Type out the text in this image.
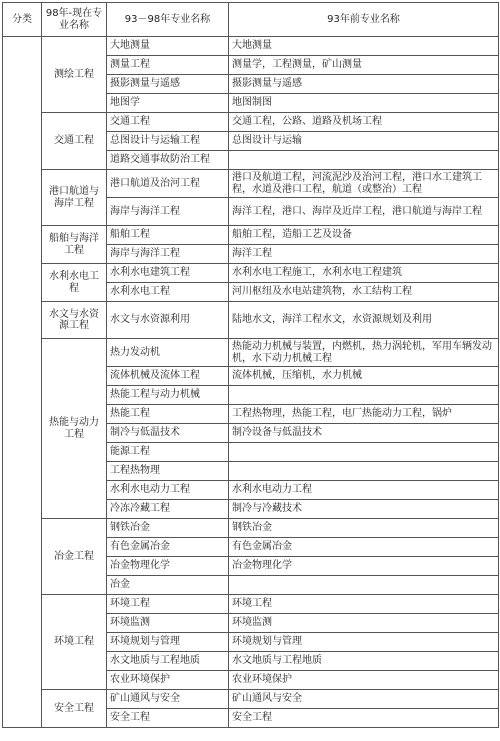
分类	98年-现在专业名称	93－98年专业名称	93年前专业名称
	测绘工程	大地测量	大地测量
		测量工程	测量学，工程测量，矿山测量
		摄影测量与遥感	摄影测量与遥感
		地图学	地图制图
	交通工程	交通工程	交通工程，公路、道路及机场工程
		总图设计与运输工程	总图设计与运输
		道路交通事故防治工程	
	港口航道与海岸工程	港口航道及治河工程	港口及航道工程，河流泥沙及治河工程，港口水工建筑工程，水道及港口工程，航道（或整治）工程
		海岸与海洋工程	海洋工程，港口、海岸及近岸工程，港口航道与海岸工程
	船舶与海洋工程	船舶工程	船舶工程，造船工艺及设备
		海岸与海洋工程	海洋工程
	水利水电工程	水利水电建筑工程	水利水电工程施工，水利水电工程建筑
		水利水电工程	河川枢纽及水电站建筑物，水工结构工程
	水文与水资源工程	水文与水资源利用	陆地水文，海洋工程水文，水资源规划及利用
	热能与动力工程	热力发动机	热能动力机械与装置，内燃机，热力涡轮机，军用车辆发动机，水下动力机械工程
		流体机械及流体工程	流体机械，压缩机，水力机械
		热能工程与动力机械	
		热能工程	工程热物理，热能工程，电厂热能动力工程，锅炉
		制冷与低温技术	制冷设备与低温技术
		能源工程	
		工程热物理	
		水利水电动力工程	水利水电动力工程
		冷冻冷藏工程	制冷与冷藏技术
	冶金工程	钢铁冶金	钢铁冶金
		有色金属冶金	有色金属冶金
		冶金物理化学	冶金物理化学
		冶金	
	环境工程	环境工程	环境工程
		环境监测	环境监测
		环境规划与管理	环境规划与管理
		水文地质与工程地质	水文地质与工程地质
		农业环境保护	农业环境保护
	安全工程	矿山通风与安全	矿山通风与安全
		安全工程	安全工程
